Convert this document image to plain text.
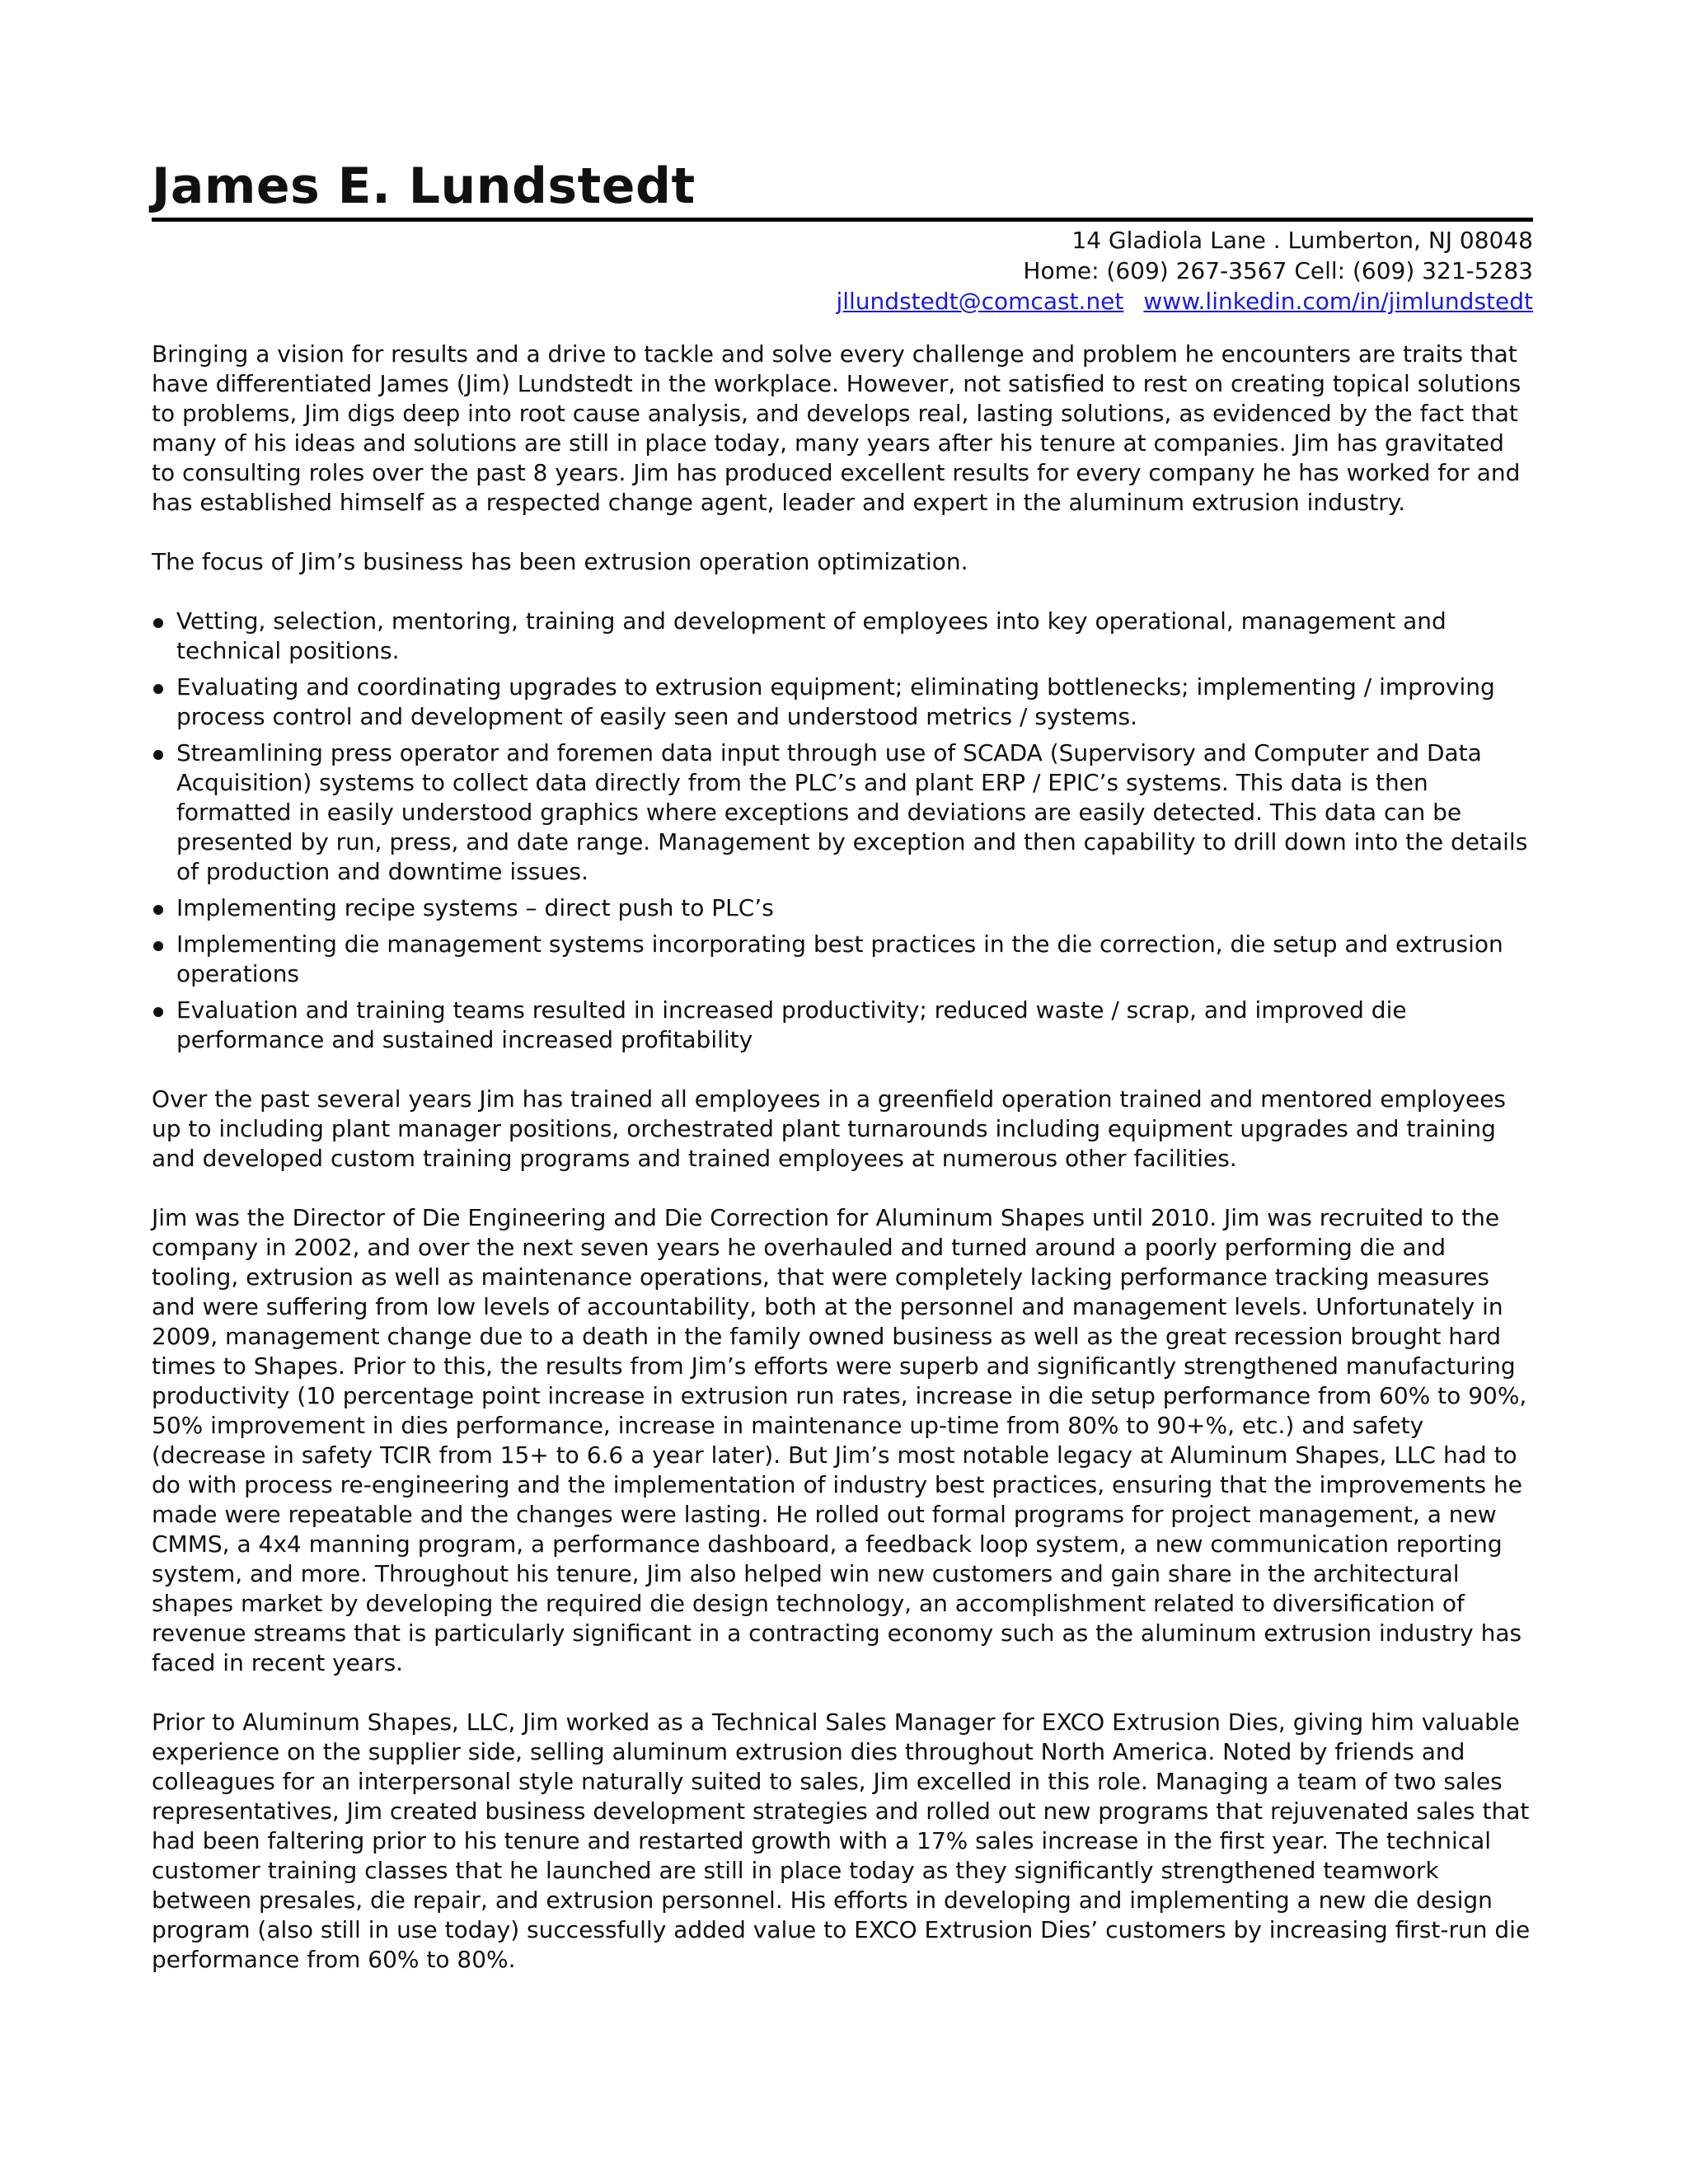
James E. Lundstedt
14 Gladiola Lane . Lumberton, NJ 08048
Home: (609) 267-3567 Cell: (609) 321-5283
jllundstedt@comcast.net www.linkedin.com/in/jimlundstedt

Bringing a vision for results and a drive to tackle and solve every challenge and problem he encounters are traits that have differentiated James (Jim) Lundstedt in the workplace. However, not satisfied to rest on creating topical solutions to problems, Jim digs deep into root cause analysis, and develops real, lasting solutions, as evidenced by the fact that many of his ideas and solutions are still in place today, many years after his tenure at companies. Jim has gravitated to consulting roles over the past 8 years. Jim has produced excellent results for every company he has worked for and has established himself as a respected change agent, leader and expert in the aluminum extrusion industry.

The focus of Jim’s business has been extrusion operation optimization.

Vetting, selection, mentoring, training and development of employees into key operational, management and technical positions.
Evaluating and coordinating upgrades to extrusion equipment; eliminating bottlenecks; implementing / improving process control and development of easily seen and understood metrics / systems.
Streamlining press operator and foremen data input through use of SCADA (Supervisory and Computer and Data Acquisition) systems to collect data directly from the PLC’s and plant ERP / EPIC’s systems. This data is then formatted in easily understood graphics where exceptions and deviations are easily detected. This data can be presented by run, press, and date range. Management by exception and then capability to drill down into the details of production and downtime issues.
Implementing recipe systems – direct push to PLC’s
Implementing die management systems incorporating best practices in the die correction, die setup and extrusion operations
Evaluation and training teams resulted in increased productivity; reduced waste / scrap, and improved die performance and sustained increased profitability

Over the past several years Jim has trained all employees in a greenfield operation trained and mentored employees up to including plant manager positions, orchestrated plant turnarounds including equipment upgrades and training and developed custom training programs and trained employees at numerous other facilities.

Jim was the Director of Die Engineering and Die Correction for Aluminum Shapes until 2010. Jim was recruited to the company in 2002, and over the next seven years he overhauled and turned around a poorly performing die and tooling, extrusion as well as maintenance operations, that were completely lacking performance tracking measures and were suffering from low levels of accountability, both at the personnel and management levels. Unfortunately in 2009, management change due to a death in the family owned business as well as the great recession brought hard times to Shapes. Prior to this, the results from Jim’s efforts were superb and significantly strengthened manufacturing productivity (10 percentage point increase in extrusion run rates, increase in die setup performance from 60% to 90%, 50% improvement in dies performance, increase in maintenance up-time from 80% to 90+%, etc.) and safety (decrease in safety TCIR from 15+ to 6.6 a year later). But Jim’s most notable legacy at Aluminum Shapes, LLC had to do with process re-engineering and the implementation of industry best practices, ensuring that the improvements he made were repeatable and the changes were lasting. He rolled out formal programs for project management, a new CMMS, a 4x4 manning program, a performance dashboard, a feedback loop system, a new communication reporting system, and more. Throughout his tenure, Jim also helped win new customers and gain share in the architectural shapes market by developing the required die design technology, an accomplishment related to diversification of revenue streams that is particularly significant in a contracting economy such as the aluminum extrusion industry has faced in recent years.

Prior to Aluminum Shapes, LLC, Jim worked as a Technical Sales Manager for EXCO Extrusion Dies, giving him valuable experience on the supplier side, selling aluminum extrusion dies throughout North America. Noted by friends and colleagues for an interpersonal style naturally suited to sales, Jim excelled in this role. Managing a team of two sales representatives, Jim created business development strategies and rolled out new programs that rejuvenated sales that had been faltering prior to his tenure and restarted growth with a 17% sales increase in the first year. The technical customer training classes that he launched are still in place today as they significantly strengthened teamwork between presales, die repair, and extrusion personnel. His efforts in developing and implementing a new die design program (also still in use today) successfully added value to EXCO Extrusion Dies’ customers by increasing first-run die performance from 60% to 80%.
